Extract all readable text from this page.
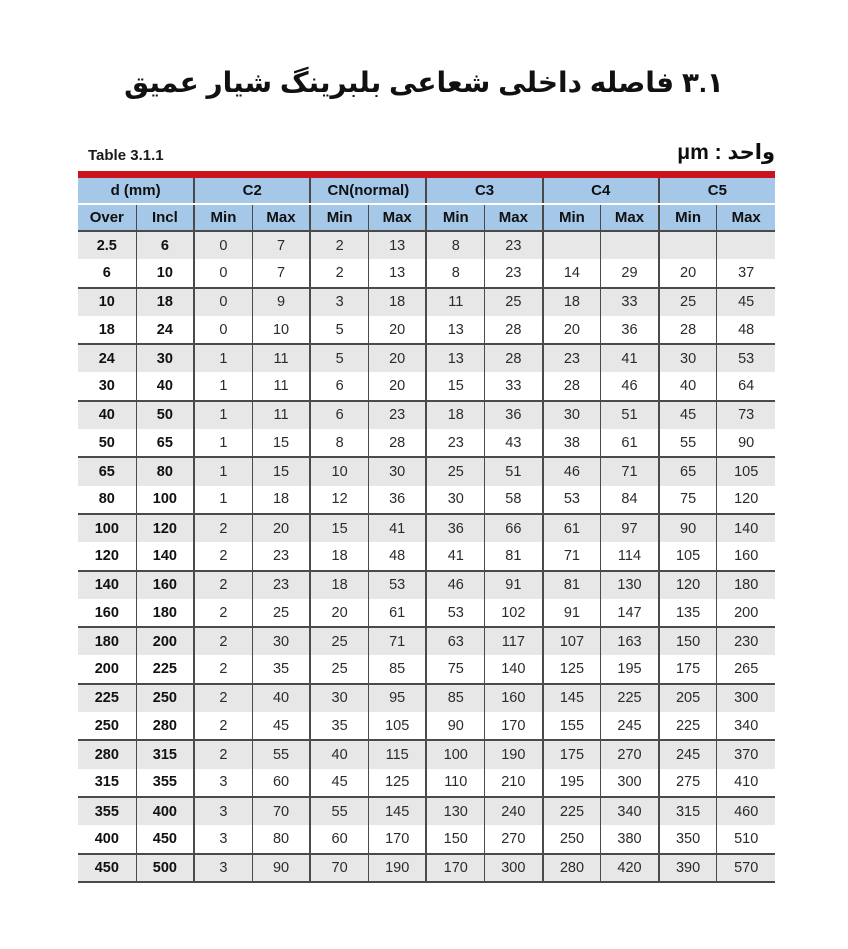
۳.۱ فاصله داخلی شعاعی بلبرینگ شیار عمیق
Table 3.1.1	واحد : μm
d (mm)		C2		CN(normal)		C3		C4		C5	
Over	Incl	Min	Max	Min	Max	Min	Max	Min	Max	Min	Max
2.5	6	0	7	2	13	8	23				
6	10	0	7	2	13	8	23	14	29	20	37
10	18	0	9	3	18	11	25	18	33	25	45
18	24	0	10	5	20	13	28	20	36	28	48
24	30	1	11	5	20	13	28	23	41	30	53
30	40	1	11	6	20	15	33	28	46	40	64
40	50	1	11	6	23	18	36	30	51	45	73
50	65	1	15	8	28	23	43	38	61	55	90
65	80	1	15	10	30	25	51	46	71	65	105
80	100	1	18	12	36	30	58	53	84	75	120
100	120	2	20	15	41	36	66	61	97	90	140
120	140	2	23	18	48	41	81	71	114	105	160
140	160	2	23	18	53	46	91	81	130	120	180
160	180	2	25	20	61	53	102	91	147	135	200
180	200	2	30	25	71	63	117	107	163	150	230
200	225	2	35	25	85	75	140	125	195	175	265
225	250	2	40	30	95	85	160	145	225	205	300
250	280	2	45	35	105	90	170	155	245	225	340
280	315	2	55	40	115	100	190	175	270	245	370
315	355	3	60	45	125	110	210	195	300	275	410
355	400	3	70	55	145	130	240	225	340	315	460
400	450	3	80	60	170	150	270	250	380	350	510
450	500	3	90	70	190	170	300	280	420	390	570
